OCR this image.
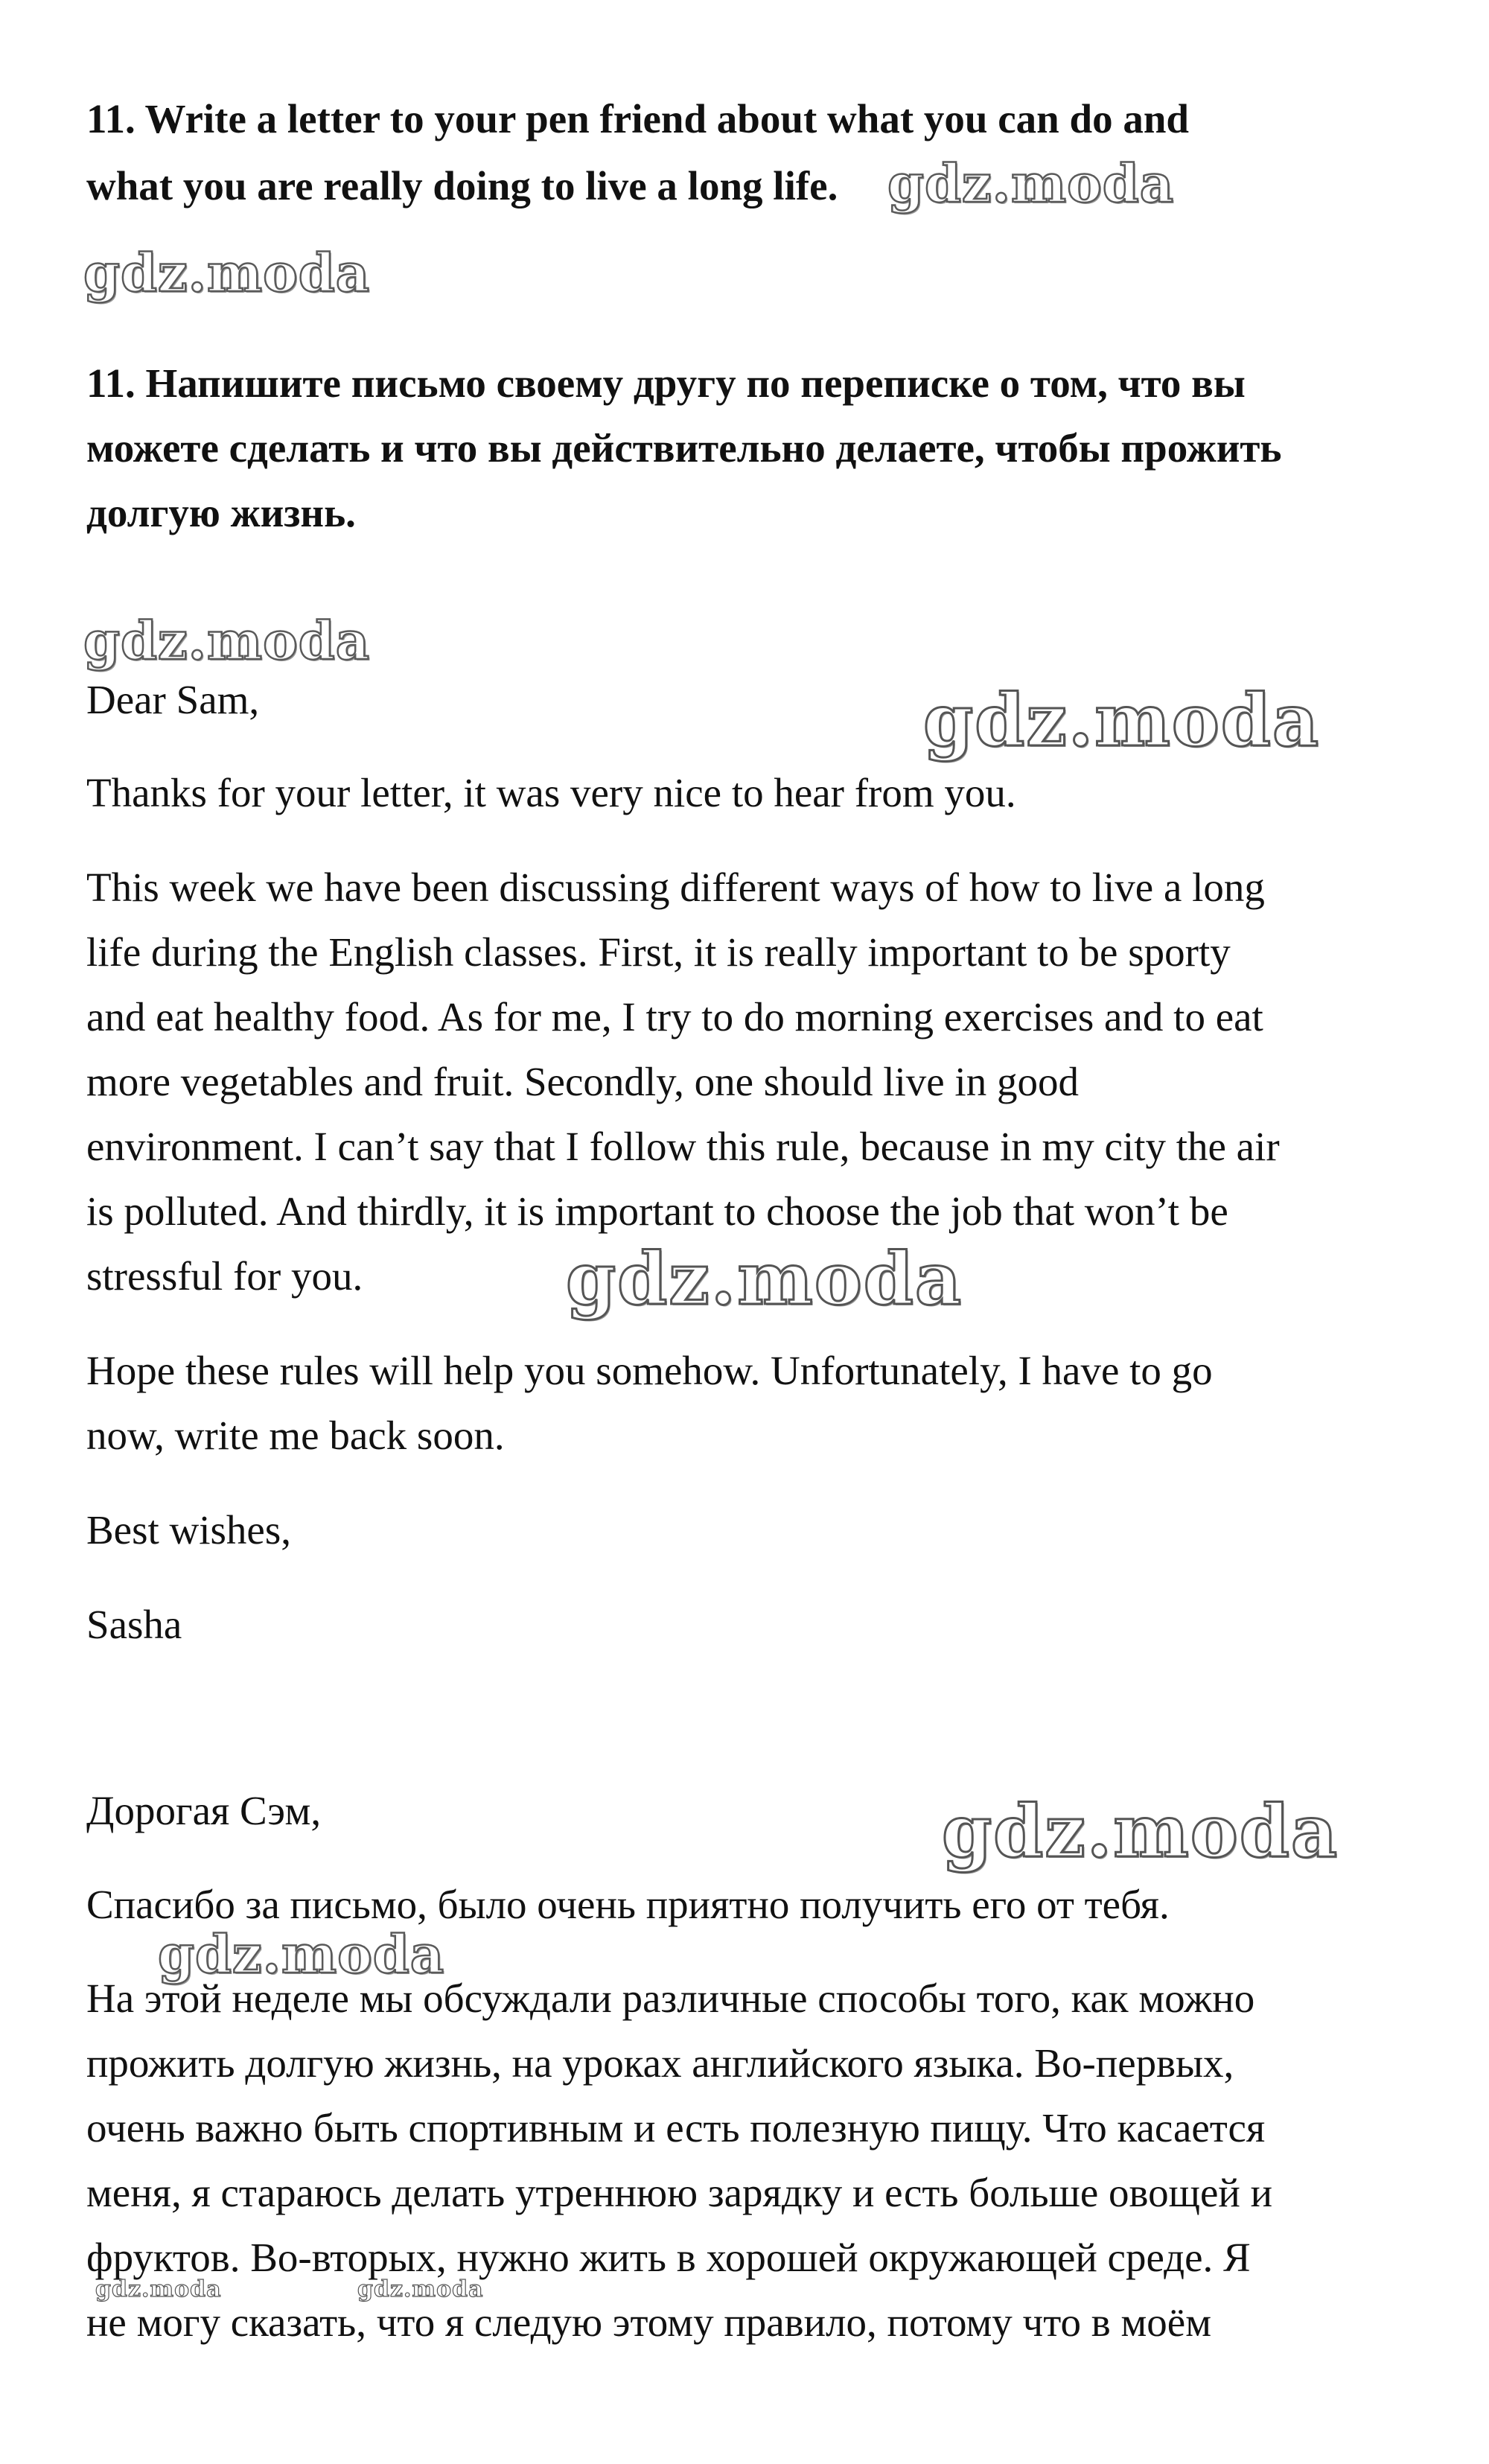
11. Write a letter to your pen friend about what you can do and

what you are really doing to live a long life.

11. Напишите письмо своему другу по переписке о том, что вы

можете сделать и что вы действительно делаете, чтобы прожить

долгую жизнь.

Dear Sam,

Thanks for your letter, it was very nice to hear from you.

This week we have been discussing different ways of how to live a long

life during the English classes. First, it is really important to be sporty

and eat healthy food. As for me, I try to do morning exercises and to eat

more vegetables and fruit. Secondly, one should live in good

environment. I can’t say that I follow this rule, because in my city the air

is polluted. And thirdly, it is important to choose the job that won’t be

stressful for you.

Hope these rules will help you somehow. Unfortunately, I have to go

now, write me back soon.

Best wishes,

Sasha

Дорогая Сэм,

Спасибо за письмо, было очень приятно получить его от тебя.

На этой неделе мы обсуждали различные способы того, как можно

прожить долгую жизнь, на уроках английского языка. Во-первых,

очень важно быть спортивным и есть полезную пищу. Что касается

меня, я стараюсь делать утреннюю зарядку и есть больше овощей и

фруктов. Во-вторых, нужно жить в хорошей окружающей среде. Я

не могу сказать, что я следую этому правило, потому что в моём

gdz.moda
gdz.moda
gdz.moda
gdz.moda
gdz.moda
gdz.moda
gdz.moda
gdz.moda	gdz.moda
